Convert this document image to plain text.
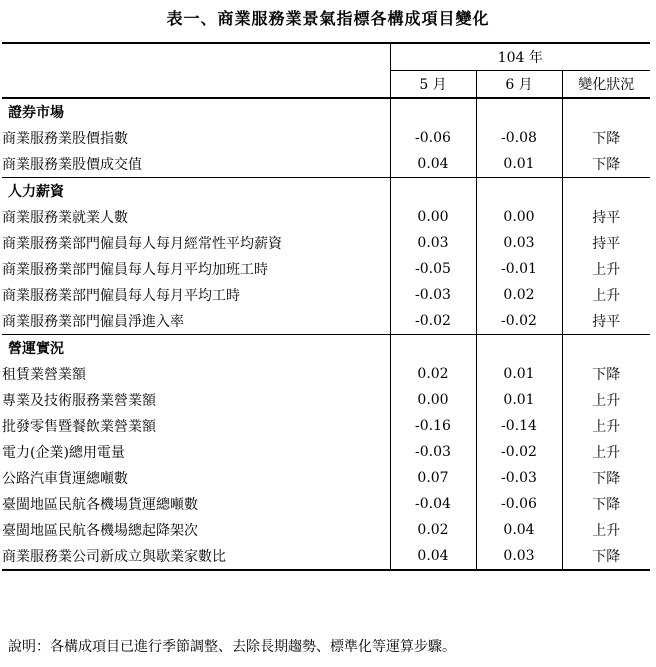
表一、商業服務業景氣指標各構成項目變化
	104 年		
	5 月	6 月	變化狀況
證券市場			
商業服務業股價指數	-0.06	-0.08	下降
商業服務業股價成交值	0.04	0.01	下降
人力薪資			
商業服務業就業人數	0.00	0.00	持平
商業服務業部門僱員每人每月經常性平均薪資	0.03	0.03	持平
商業服務業部門僱員每人每月平均加班工時	-0.05	-0.01	上升
商業服務業部門僱員每人每月平均工時	-0.03	0.02	上升
商業服務業部門僱員淨進入率	-0.02	-0.02	持平
營運實況			
租賃業營業額	0.02	0.01	下降
專業及技術服務業營業額	0.00	0.01	上升
批發零售暨餐飲業營業額	-0.16	-0.14	上升
電力(企業)總用電量	-0.03	-0.02	上升
公路汽車貨運總噸數	0.07	-0.03	下降
臺閩地區民航各機場貨運總噸數	-0.04	-0.06	下降
臺閩地區民航各機場總起降架次	0.02	0.04	上升
商業服務業公司新成立與歇業家數比	0.04	0.03	下降
說明：各構成項目已進行季節調整、去除長期趨勢、標準化等運算步驟。
